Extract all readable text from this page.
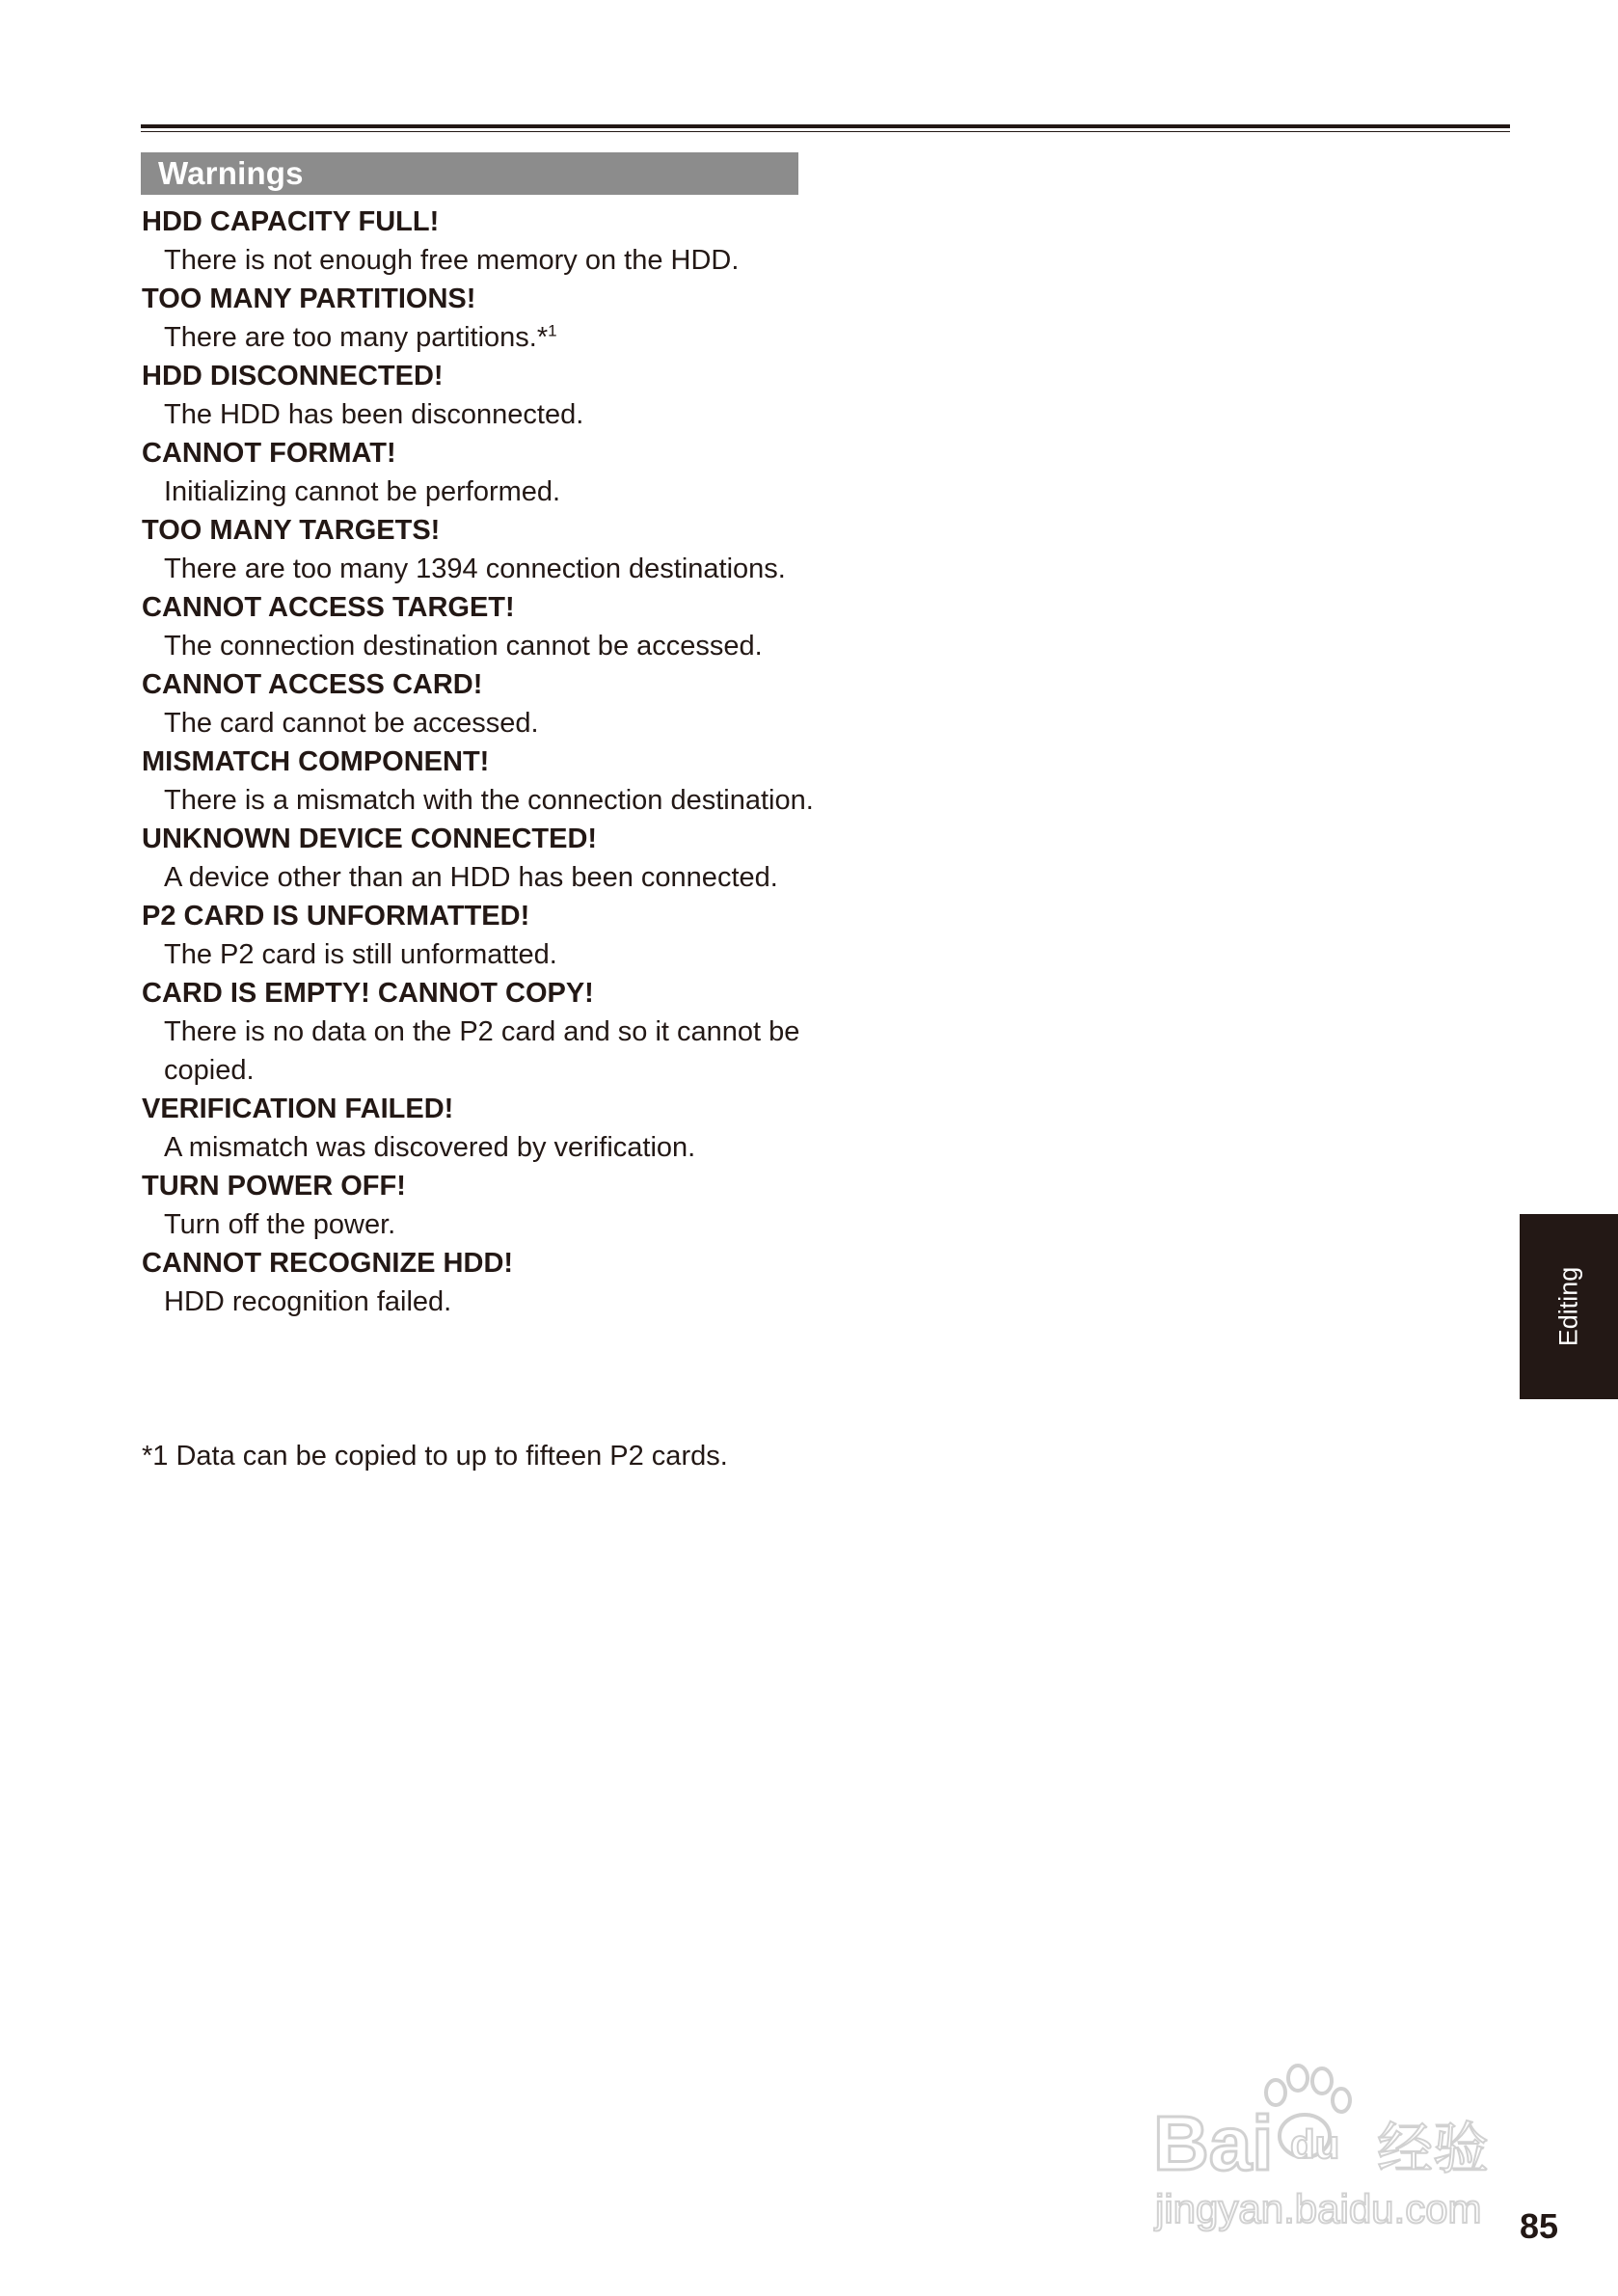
Warnings
HDD CAPACITY FULL!
There is not enough free memory on the HDD.
TOO MANY PARTITIONS!
There are too many partitions.*$^1$
HDD DISCONNECTED!
The HDD has been disconnected.
CANNOT FORMAT!
Initializing cannot be performed.
TOO MANY TARGETS!
There are too many 1394 connection destinations.
CANNOT ACCESS TARGET!
The connection destination cannot be accessed.
CANNOT ACCESS CARD!
The card cannot be accessed.
MISMATCH COMPONENT!
There is a mismatch with the connection destination.
UNKNOWN DEVICE CONNECTED!
A device other than an HDD has been connected.
P2 CARD IS UNFORMATTED!
The P2 card is still unformatted.
CARD IS EMPTY! CANNOT COPY!
There is no data on the P2 card and so it cannot be copied.
VERIFICATION FAILED!
A mismatch was discovered by verification.
TURN POWER OFF!
Turn off the power.
CANNOT RECOGNIZE HDD!
HDD recognition failed.
*1 Data can be copied to up to fifteen P2 cards.
Editing
Bai du 经验
jingyan.baidu.com 85
